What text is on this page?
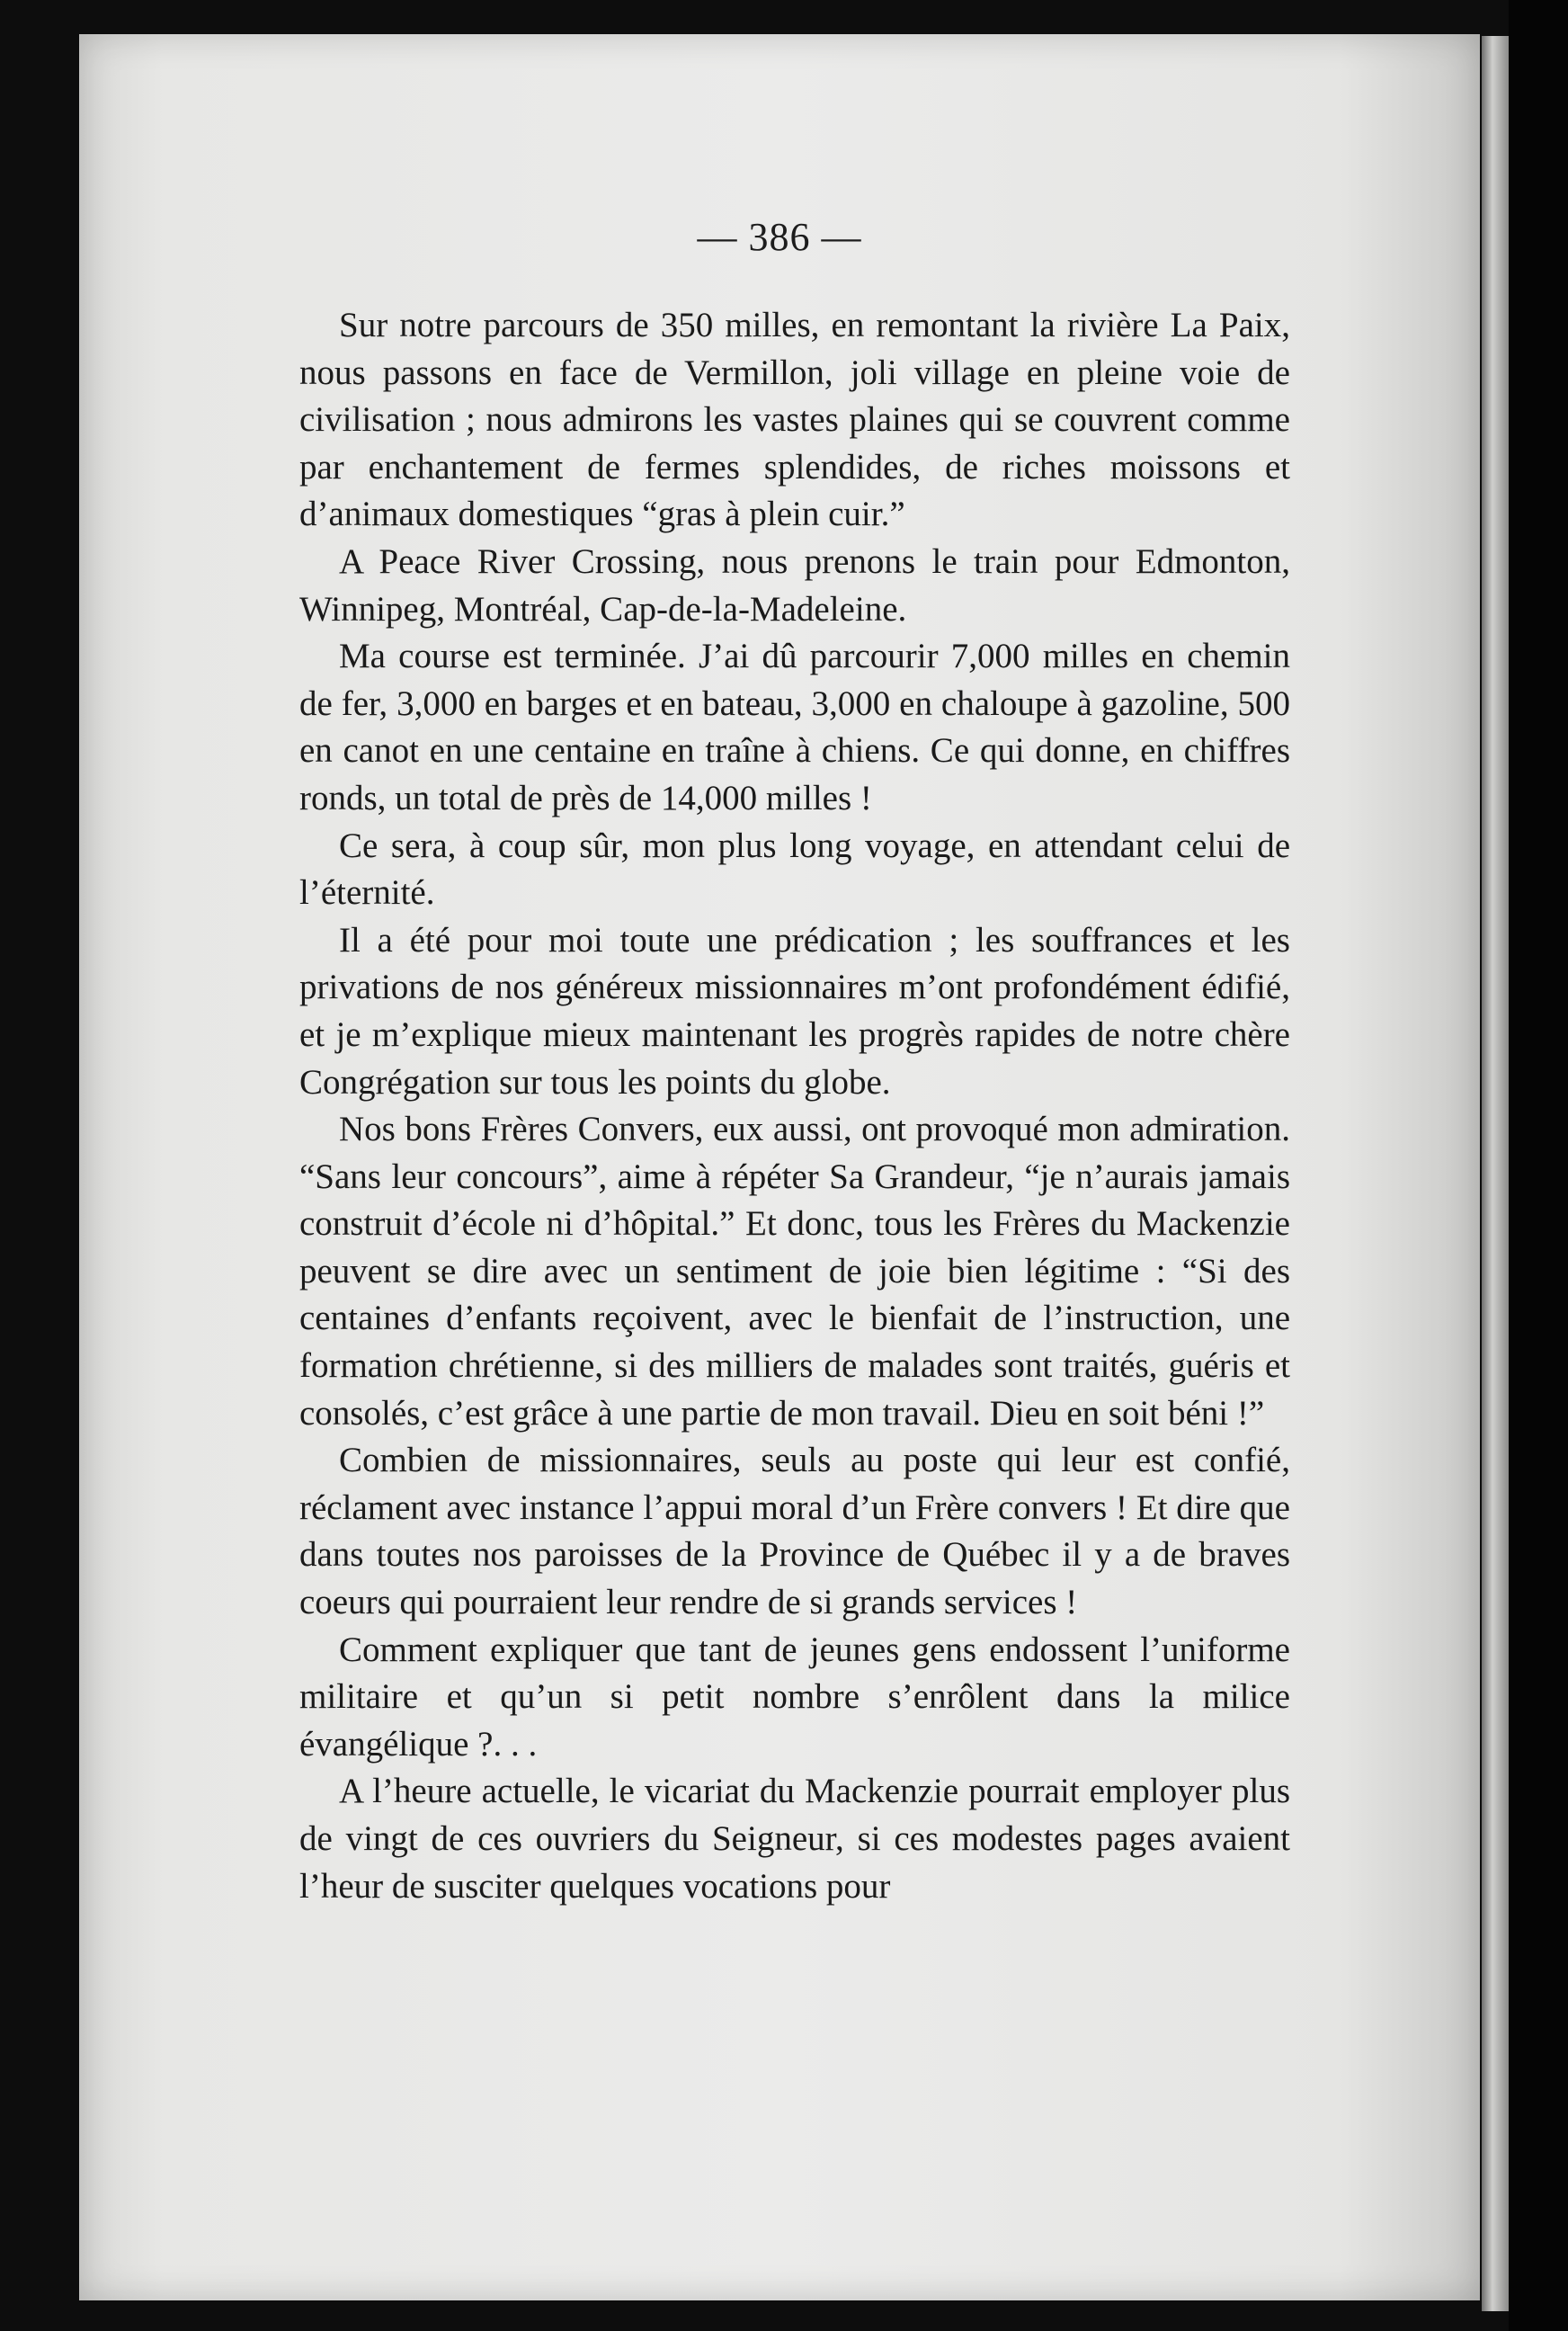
— 386 —

Sur notre parcours de 350 milles, en remontant la rivière La Paix, nous passons en face de Vermillon, joli village en pleine voie de civilisation ; nous admirons les vastes plaines qui se couvrent comme par enchantement de fermes splendides, de riches moissons et d’animaux domestiques “gras à plein cuir.”

A Peace River Crossing, nous prenons le train pour Edmonton, Winnipeg, Montréal, Cap-de-la-Madeleine.

Ma course est terminée. J’ai dû parcourir 7,000 milles en chemin de fer, 3,000 en barges et en bateau, 3,000 en chaloupe à gazoline, 500 en canot en une centaine en traîne à chiens. Ce qui donne, en chiffres ronds, un total de près de 14,000 milles !

Ce sera, à coup sûr, mon plus long voyage, en attendant celui de l’éternité.

Il a été pour moi toute une prédication ; les souffrances et les privations de nos généreux missionnaires m’ont profondément édifié, et je m’explique mieux maintenant les progrès rapides de notre chère Congrégation sur tous les points du globe.

Nos bons Frères Convers, eux aussi, ont provoqué mon admiration. “Sans leur concours”, aime à répéter Sa Grandeur, “je n’aurais jamais construit d’école ni d’hôpital.” Et donc, tous les Frères du Mackenzie peuvent se dire avec un sentiment de joie bien légitime : “Si des centaines d’enfants reçoivent, avec le bienfait de l’instruction, une formation chrétienne, si des milliers de malades sont traités, guéris et consolés, c’est grâce à une partie de mon travail. Dieu en soit béni !”

Combien de missionnaires, seuls au poste qui leur est confié, réclament avec instance l’appui moral d’un Frère convers ! Et dire que dans toutes nos paroisses de la Province de Québec il y a de braves coeurs qui pourraient leur rendre de si grands services !

Comment expliquer que tant de jeunes gens endossent l’uniforme militaire et qu’un si petit nombre s’enrôlent dans la milice évangélique ?. . .

A l’heure actuelle, le vicariat du Mackenzie pourrait employer plus de vingt de ces ouvriers du Seigneur, si ces modestes pages avaient l’heur de susciter quelques vocations pour
